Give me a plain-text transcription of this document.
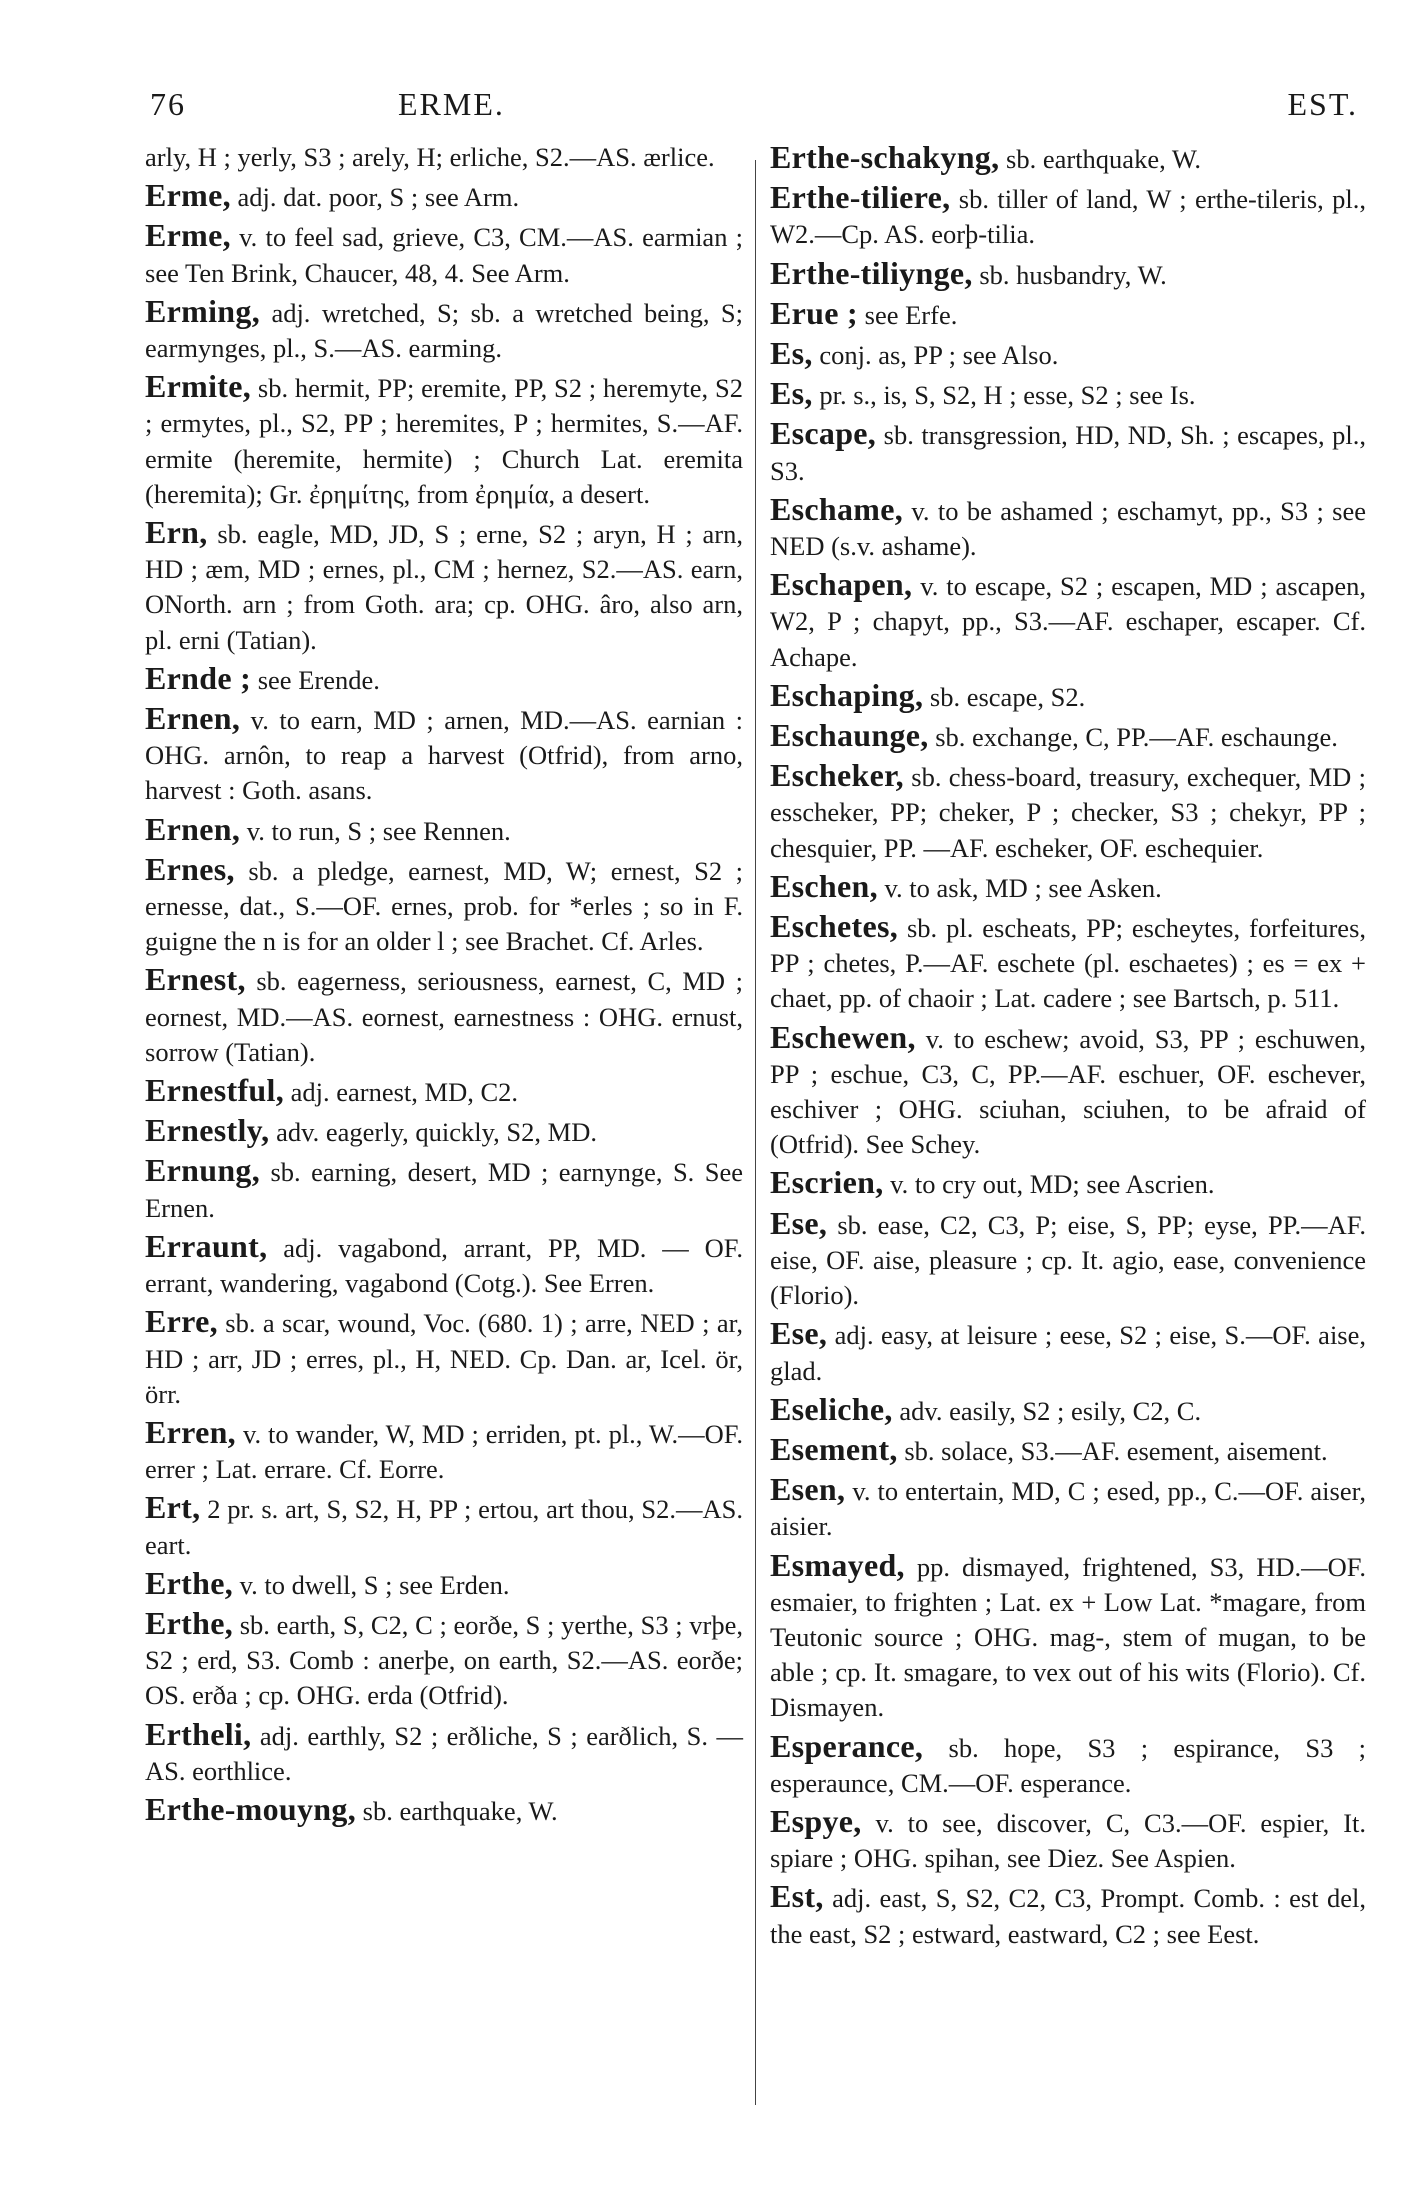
76	ERME.	EST.

arly, H ; yerly, S3 ; arely, H; erliche, S2.—AS. ærlice.

Erme, adj. dat. poor, S ; see Arm.

Erme, v. to feel sad, grieve, C3, CM.—AS. earmian ; see Ten Brink, Chaucer, 48, 4. See Arm.

Erming, adj. wretched, S; sb. a wretched being, S; earmynges, pl., S.—AS. earming.

Ermite, sb. hermit, PP; eremite, PP, S2 ; heremyte, S2 ; ermytes, pl., S2, PP ; heremites, P ; hermites, S.—AF. ermite (heremite, hermite) ; Church Lat. eremita (heremita); Gr. ἐρημίτης, from ἐρημία, a desert.

Ern, sb. eagle, MD, JD, S ; erne, S2 ; aryn, H ; arn, HD ; æm, MD ; ernes, pl., CM ; hernez, S2.—AS. earn, ONorth. arn ; from Goth. ara; cp. OHG. âro, also arn, pl. erni (Tatian).

Ernde ; see Erende.

Ernen, v. to earn, MD ; arnen, MD.—AS. earnian : OHG. arnôn, to reap a harvest (Otfrid), from arno, harvest : Goth. asans.

Ernen, v. to run, S ; see Rennen.

Ernes, sb. a pledge, earnest, MD, W; ernest, S2 ; ernesse, dat., S.—OF. ernes, prob. for *erles ; so in F. guigne the n is for an older l ; see Brachet. Cf. Arles.

Ernest, sb. eagerness, seriousness, earnest, C, MD ; eornest, MD.—AS. eornest, earnestness : OHG. ernust, sorrow (Tatian).

Ernestful, adj. earnest, MD, C2.

Ernestly, adv. eagerly, quickly, S2, MD.

Ernung, sb. earning, desert, MD ; earnynge, S. See Ernen.

Erraunt, adj. vagabond, arrant, PP, MD. — OF. errant, wandering, vagabond (Cotg.). See Erren.

Erre, sb. a scar, wound, Voc. (680. 1) ; arre, NED ; ar, HD ; arr, JD ; erres, pl., H, NED. Cp. Dan. ar, Icel. ör, örr.

Erren, v. to wander, W, MD ; erriden, pt. pl., W.—OF. errer ; Lat. errare. Cf. Eorre.

Ert, 2 pr. s. art, S, S2, H, PP ; ertou, art thou, S2.—AS. eart.

Erthe, v. to dwell, S ; see Erden.

Erthe, sb. earth, S, C2, C ; eorðe, S ; yerthe, S3 ; vrþe, S2 ; erd, S3. Comb : anerþe, on earth, S2.—AS. eorðe; OS. erða ; cp. OHG. erda (Otfrid).

Ertheli, adj. earthly, S2 ; erðliche, S ; earðlich, S. —AS. eorthlice.

Erthe-mouyng, sb. earthquake, W.

Erthe-schakyng, sb. earthquake, W.

Erthe-tiliere, sb. tiller of land, W ; erthe-tileris, pl., W2.—Cp. AS. eorþ-tilia.

Erthe-tiliynge, sb. husbandry, W.

Erue ; see Erfe.

Es, conj. as, PP ; see Also.

Es, pr. s., is, S, S2, H ; esse, S2 ; see Is.

Escape, sb. transgression, HD, ND, Sh. ; escapes, pl., S3.

Eschame, v. to be ashamed ; eschamyt, pp., S3 ; see NED (s.v. ashame).

Eschapen, v. to escape, S2 ; escapen, MD ; ascapen, W2, P ; chapyt, pp., S3.—AF. eschaper, escaper. Cf. Achape.

Eschaping, sb. escape, S2.

Eschaunge, sb. exchange, C, PP.—AF. eschaunge.

Escheker, sb. chess-board, treasury, exchequer, MD ; esscheker, PP; cheker, P ; checker, S3 ; chekyr, PP ; chesquier, PP. —AF. escheker, OF. eschequier.

Eschen, v. to ask, MD ; see Asken.

Eschetes, sb. pl. escheats, PP; escheytes, forfeitures, PP ; chetes, P.—AF. eschete (pl. eschaetes) ; es = ex + chaet, pp. of chaoir ; Lat. cadere ; see Bartsch, p. 511.

Eschewen, v. to eschew; avoid, S3, PP ; eschuwen, PP ; eschue, C3, C, PP.—AF. eschuer, OF. eschever, eschiver ; OHG. sciuhan, sciuhen, to be afraid of (Otfrid). See Schey.

Escrien, v. to cry out, MD; see Ascrien.

Ese, sb. ease, C2, C3, P; eise, S, PP; eyse, PP.—AF. eise, OF. aise, pleasure ; cp. It. agio, ease, convenience (Florio).

Ese, adj. easy, at leisure ; eese, S2 ; eise, S.—OF. aise, glad.

Eseliche, adv. easily, S2 ; esily, C2, C.

Esement, sb. solace, S3.—AF. esement, aisement.

Esen, v. to entertain, MD, C ; esed, pp., C.—OF. aiser, aisier.

Esmayed, pp. dismayed, frightened, S3, HD.—OF. esmaier, to frighten ; Lat. ex + Low Lat. *magare, from Teutonic source ; OHG. mag-, stem of mugan, to be able ; cp. It. smagare, to vex out of his wits (Florio). Cf. Dismayen.

Esperance, sb. hope, S3 ; espirance, S3 ; esperaunce, CM.—OF. esperance.

Espye, v. to see, discover, C, C3.—OF. espier, It. spiare ; OHG. spihan, see Diez. See Aspien.

Est, adj. east, S, S2, C2, C3, Prompt. Comb. : est del, the east, S2 ; estward, eastward, C2 ; see Eest.
